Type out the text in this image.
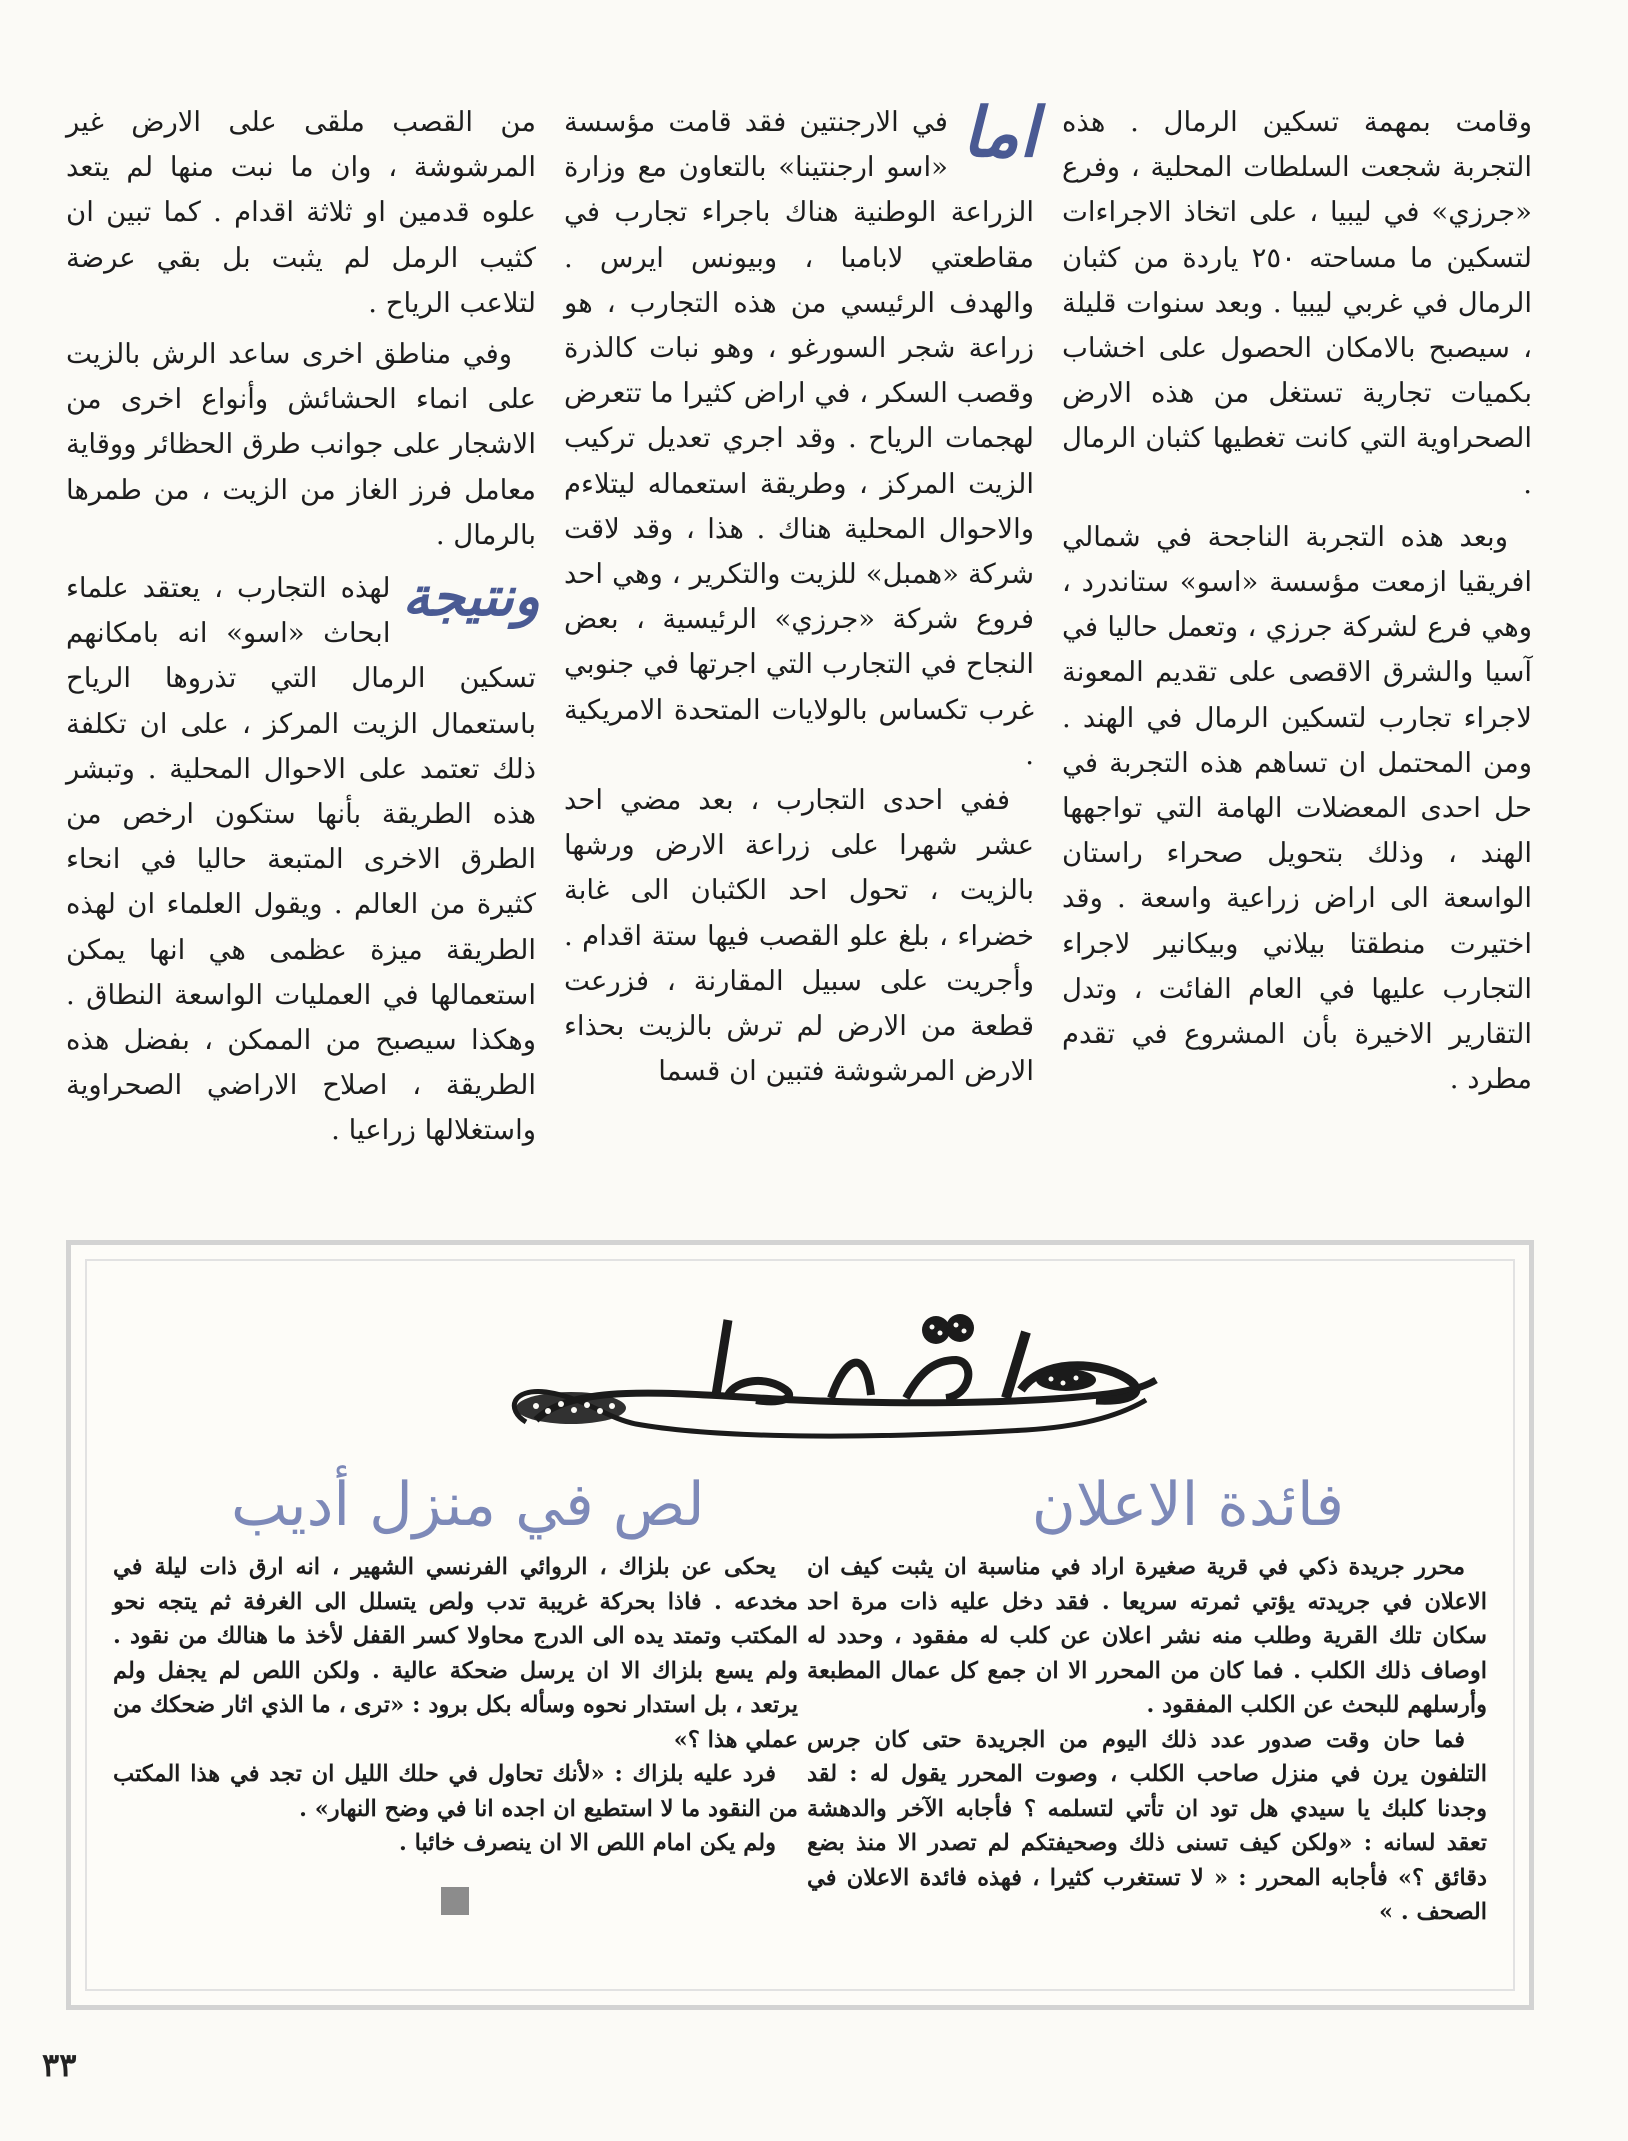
وقامت بمهمة تسكين الرمال . هذه التجربة شجعت السلطات المحلية ، وفرع «جرزي» في ليبيا ، على اتخاذ الاجراءات لتسكين ما مساحته ٢٥٠ ياردة من كثبان الرمال في غربي ليبيا . وبعد سنوات قليلة ، سيصبح بالامكان الحصول على اخشاب بكميات تجارية تستغل من هذه الارض الصحراوية التي كانت تغطيها كثبان الرمال .

وبعد هذه التجربة الناجحة في شمالي افريقيا ازمعت مؤسسة «اسو» ستاندرد ، وهي فرع لشركة جرزي ، وتعمل حاليا في آسيا والشرق الاقصى على تقديم المعونة لاجراء تجارب لتسكين الرمال في الهند . ومن المحتمل ان تساهم هذه التجربة في حل احدى المعضلات الهامة التي تواجهها الهند ، وذلك بتحويل صحراء راستان الواسعة الى اراض زراعية واسعة . وقد اختيرت منطقتا بيلاني وبيكانير لاجراء التجارب عليها في العام الفائت ، وتدل التقارير الاخيرة بأن المشروع في تقدم مطرد .

اما
في الارجنتين فقد قامت مؤسسة «اسو ارجنتينا» بالتعاون مع وزارة الزراعة الوطنية هناك باجراء تجارب في مقاطعتي لابامبا ، وبيونس ايرس . والهدف الرئيسي من هذه التجارب ، هو زراعة شجر السورغو ، وهو نبات كالذرة وقصب السكر ، في اراض كثيرا ما تتعرض لهجمات الرياح . وقد اجري تعديل تركيب الزيت المركز ، وطريقة استعماله ليتلاءم والاحوال المحلية هناك . هذا ، وقد لاقت شركة «همبل» للزيت والتكرير ، وهي احد فروع شركة «جرزي» الرئيسية ، بعض النجاح في التجارب التي اجرتها في جنوبي غرب تكساس بالولايات المتحدة الامريكية .

ففي احدى التجارب ، بعد مضي احد عشر شهرا على زراعة الارض ورشها بالزيت ، تحول احد الكثبان الى غابة خضراء ، بلغ علو القصب فيها ستة اقدام . وأجريت على سبيل المقارنة ، فزرعت قطعة من الارض لم ترش بالزيت بحذاء الارض المرشوشة فتبين ان قسما

من القصب ملقى على الارض غير المرشوشة ، وان ما نبت منها لم يتعد علوه قدمين او ثلاثة اقدام . كما تبين ان كثيب الرمل لم يثبت بل بقي عرضة لتلاعب الرياح .

وفي مناطق اخرى ساعد الرش بالزيت على انماء الحشائش وأنواع اخرى من الاشجار على جوانب طرق الحظائر ووقاية معامل فرز الغاز من الزيت ، من طمرها بالرمال .

ونتيجة
لهذه التجارب ، يعتقد علماء ابحاث «اسو» انه بامكانهم تسكين الرمال التي تذروها الرياح باستعمال الزيت المركز ، على ان تكلفة ذلك تعتمد على الاحوال المحلية . وتبشر هذه الطريقة بأنها ستكون ارخص من الطرق الاخرى المتبعة حاليا في انحاء كثيرة من العالم . ويقول العلماء ان لهذه الطريقة ميزة عظمى هي انها يمكن استعمالها في العمليات الواسعة النطاق . وهكذا سيصبح من الممكن ، بفضل هذه الطريقة ، اصلاح الاراضي الصحراوية واستغلالها زراعيا .

فائدة الاعلان
لص في منزل أديب

محرر جريدة ذكي في قرية صغيرة اراد في مناسبة ان يثبت كيف ان الاعلان في جريدته يؤتي ثمرته سريعا . فقد دخل عليه ذات مرة احد سكان تلك القرية وطلب منه نشر اعلان عن كلب له مفقود ، وحدد له اوصاف ذلك الكلب . فما كان من المحرر الا ان جمع كل عمال المطبعة وأرسلهم للبحث عن الكلب المفقود .

فما حان وقت صدور عدد ذلك اليوم من الجريدة حتى كان جرس التلفون يرن في منزل صاحب الكلب ، وصوت المحرر يقول له : لقد وجدنا كلبك يا سيدي هل تود ان تأتي لتسلمه ؟ فأجابه الآخر والدهشة تعقد لسانه : «ولكن كيف تسنى ذلك وصحيفتكم لم تصدر الا منذ بضع دقائق ؟» فأجابه المحرر : « لا تستغرب كثيرا ، فهذه فائدة الاعلان في الصحف . »

يحكى عن بلزاك ، الروائي الفرنسي الشهير ، انه ارق ذات ليلة في مخدعه . فاذا بحركة غريبة تدب ولص يتسلل الى الغرفة ثم يتجه نحو المكتب وتمتد يده الى الدرج محاولا كسر القفل لأخذ ما هنالك من نقود . ولم يسع بلزاك الا ان يرسل ضحكة عالية . ولكن اللص لم يجفل ولم يرتعد ، بل استدار نحوه وسأله بكل برود : «ترى ، ما الذي اثار ضحكك من عملي هذا ؟»

فرد عليه بلزاك : «لأنك تحاول في حلك الليل ان تجد في هذا المكتب من النقود ما لا استطيع ان اجده انا في وضح النهار» .

ولم يكن امام اللص الا ان ينصرف خائبا .

٣٣
